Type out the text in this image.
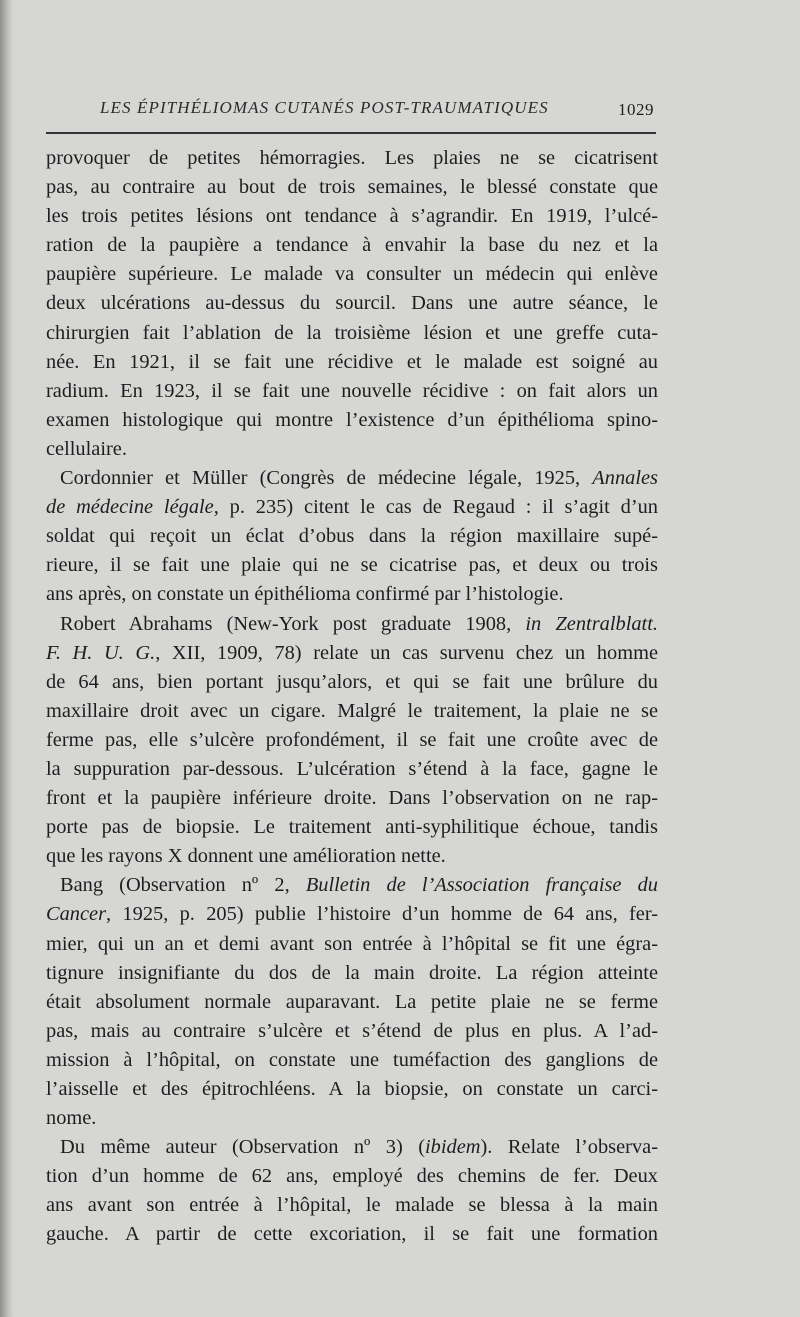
LES ÉPITHÉLIOMAS CUTANÉS POST-TRAUMATIQUES	1029
provoquer de petites hémorragies. Les plaies ne se cicatrisent
pas, au contraire au bout de trois semaines, le blessé constate que
les trois petites lésions ont tendance à s’agrandir. En 1919, l’ulcé-
ration de la paupière a tendance à envahir la base du nez et la
paupière supérieure. Le malade va consulter un médecin qui enlève
deux ulcérations au-dessus du sourcil. Dans une autre séance, le
chirurgien fait l’ablation de la troisième lésion et une greffe cuta-
née. En 1921, il se fait une récidive et le malade est soigné au
radium. En 1923, il se fait une nouvelle récidive : on fait alors un
examen histologique qui montre l’existence d’un épithélioma spino-
cellulaire.
Cordonnier et Müller (Congrès de médecine légale, 1925, Annales
de médecine légale, p. 235) citent le cas de Regaud : il s’agit d’un
soldat qui reçoit un éclat d’obus dans la région maxillaire supé-
rieure, il se fait une plaie qui ne se cicatrise pas, et deux ou trois
ans après, on constate un épithélioma confirmé par l’histologie.
Robert Abrahams (New-York post graduate 1908, in Zentralblatt.
F. H. U. G., XII, 1909, 78) relate un cas survenu chez un homme
de 64 ans, bien portant jusqu’alors, et qui se fait une brûlure du
maxillaire droit avec un cigare. Malgré le traitement, la plaie ne se
ferme pas, elle s’ulcère profondément, il se fait une croûte avec de
la suppuration par-dessous. L’ulcération s’étend à la face, gagne le
front et la paupière inférieure droite. Dans l’observation on ne rap-
porte pas de biopsie. Le traitement anti-syphilitique échoue, tandis
que les rayons X donnent une amélioration nette.
Bang (Observation nº 2, Bulletin de l’Association française du
Cancer, 1925, p. 205) publie l’histoire d’un homme de 64 ans, fer-
mier, qui un an et demi avant son entrée à l’hôpital se fit une égra-
tignure insignifiante du dos de la main droite. La région atteinte
était absolument normale auparavant. La petite plaie ne se ferme
pas, mais au contraire s’ulcère et s’étend de plus en plus. A l’ad-
mission à l’hôpital, on constate une tuméfaction des ganglions de
l’aisselle et des épitrochléens. A la biopsie, on constate un carci-
nome.
Du même auteur (Observation nº 3) (ibidem). Relate l’observa-
tion d’un homme de 62 ans, employé des chemins de fer. Deux
ans avant son entrée à l’hôpital, le malade se blessa à la main
gauche. A partir de cette excoriation, il se fait une formation
